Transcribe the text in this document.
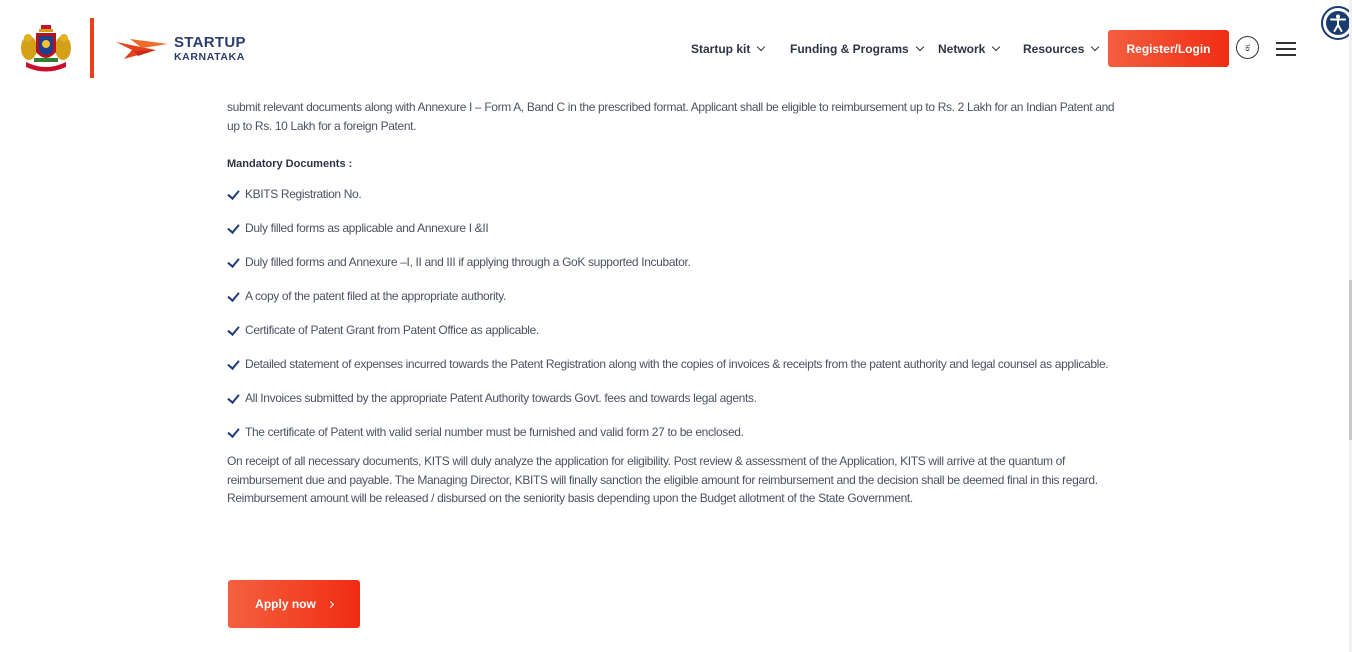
STARTUP
KARNATAKA
Startup kit	Funding & Programs Network	Resources	Register/Login	ಕ

submit relevant documents along with Annexure I – Form A, Band C in the prescribed format. Applicant shall be eligible to reimbursement up to Rs. 2 Lakh for an Indian Patent and up to Rs. 10 Lakh for a foreign Patent.

Mandatory Documents :
KBITS Registration No.
Duly filled forms as applicable and Annexure I &II
Duly filled forms and Annexure –I, II and III if applying through a GoK supported Incubator.
A copy of the patent filed at the appropriate authority.
Certificate of Patent Grant from Patent Office as applicable.
Detailed statement of expenses incurred towards the Patent Registration along with the copies of invoices & receipts from the patent authority and legal counsel as applicable.
All Invoices submitted by the appropriate Patent Authority towards Govt. fees and towards legal agents.
The certificate of Patent with valid serial number must be furnished and valid form 27 to be enclosed.

On receipt of all necessary documents, KITS will duly analyze the application for eligibility. Post review & assessment of the Application, KITS will arrive at the quantum of reimbursement due and payable. The Managing Director, KBITS will finally sanction the eligible amount for reimbursement and the decision shall be deemed final in this regard. Reimbursement amount will be released / disbursed on the seniority basis depending upon the Budget allotment of the State Government.

Apply now
